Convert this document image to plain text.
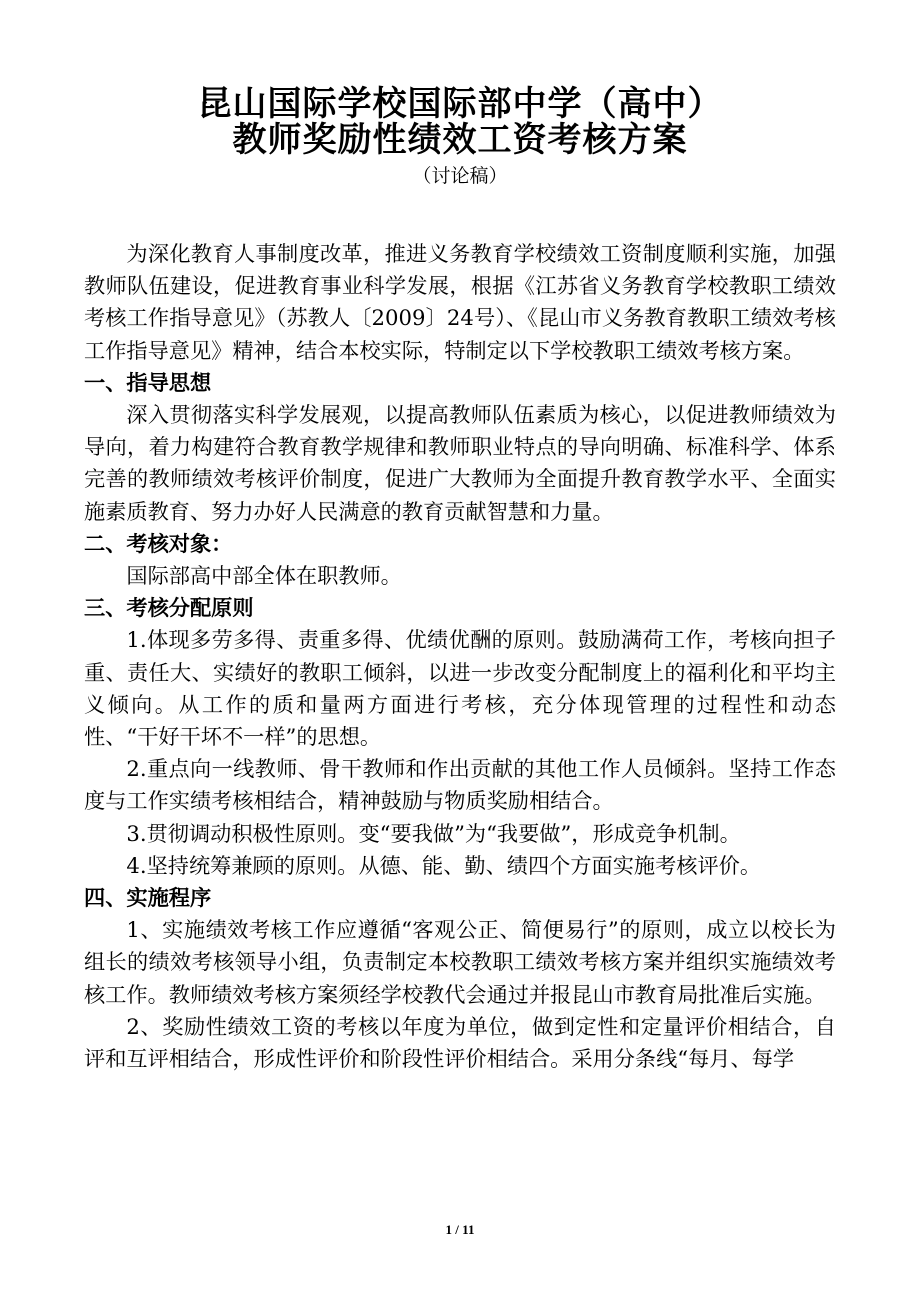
昆山国际学校国际部中学（高中）
教师奖励性绩效工资考核方案
（讨论稿）

为深化教育人事制度改革，推进义务教育学校绩效工资制度顺利实施，加强教师队伍建设，促进教育事业科学发展，根据《江苏省义务教育学校教职工绩效考核工作指导意见》（苏教人〔2009〕24号）、《昆山市义务教育教职工绩效考核工作指导意见》精神，结合本校实际，特制定以下学校教职工绩效考核方案。

一、指导思想

深入贯彻落实科学发展观，以提高教师队伍素质为核心，以促进教师绩效为导向，着力构建符合教育教学规律和教师职业特点的导向明确、标准科学、体系完善的教师绩效考核评价制度，促进广大教师为全面提升教育教学水平、全面实施素质教育、努力办好人民满意的教育贡献智慧和力量。

二、考核对象：

国际部高中部全体在职教师。

三、考核分配原则

1.体现多劳多得、责重多得、优绩优酬的原则。鼓励满荷工作，考核向担子重、责任大、实绩好的教职工倾斜，以进一步改变分配制度上的福利化和平均主义倾向。从工作的质和量两方面进行考核，充分体现管理的过程性和动态性、“干好干坏不一样”的思想。

2.重点向一线教师、骨干教师和作出贡献的其他工作人员倾斜。坚持工作态度与工作实绩考核相结合，精神鼓励与物质奖励相结合。

3.贯彻调动积极性原则。变“要我做”为“我要做”，形成竞争机制。

4.坚持统筹兼顾的原则。从德、能、勤、绩四个方面实施考核评价。

四、实施程序

1、实施绩效考核工作应遵循“客观公正、简便易行”的原则，成立以校长为组长的绩效考核领导小组，负责制定本校教职工绩效考核方案并组织实施绩效考核工作。教师绩效考核方案须经学校教代会通过并报昆山市教育局批准后实施。

2、奖励性绩效工资的考核以年度为单位，做到定性和定量评价相结合，自评和互评相结合，形成性评价和阶段性评价相结合。采用分条线“每月、每学

1 / 11
